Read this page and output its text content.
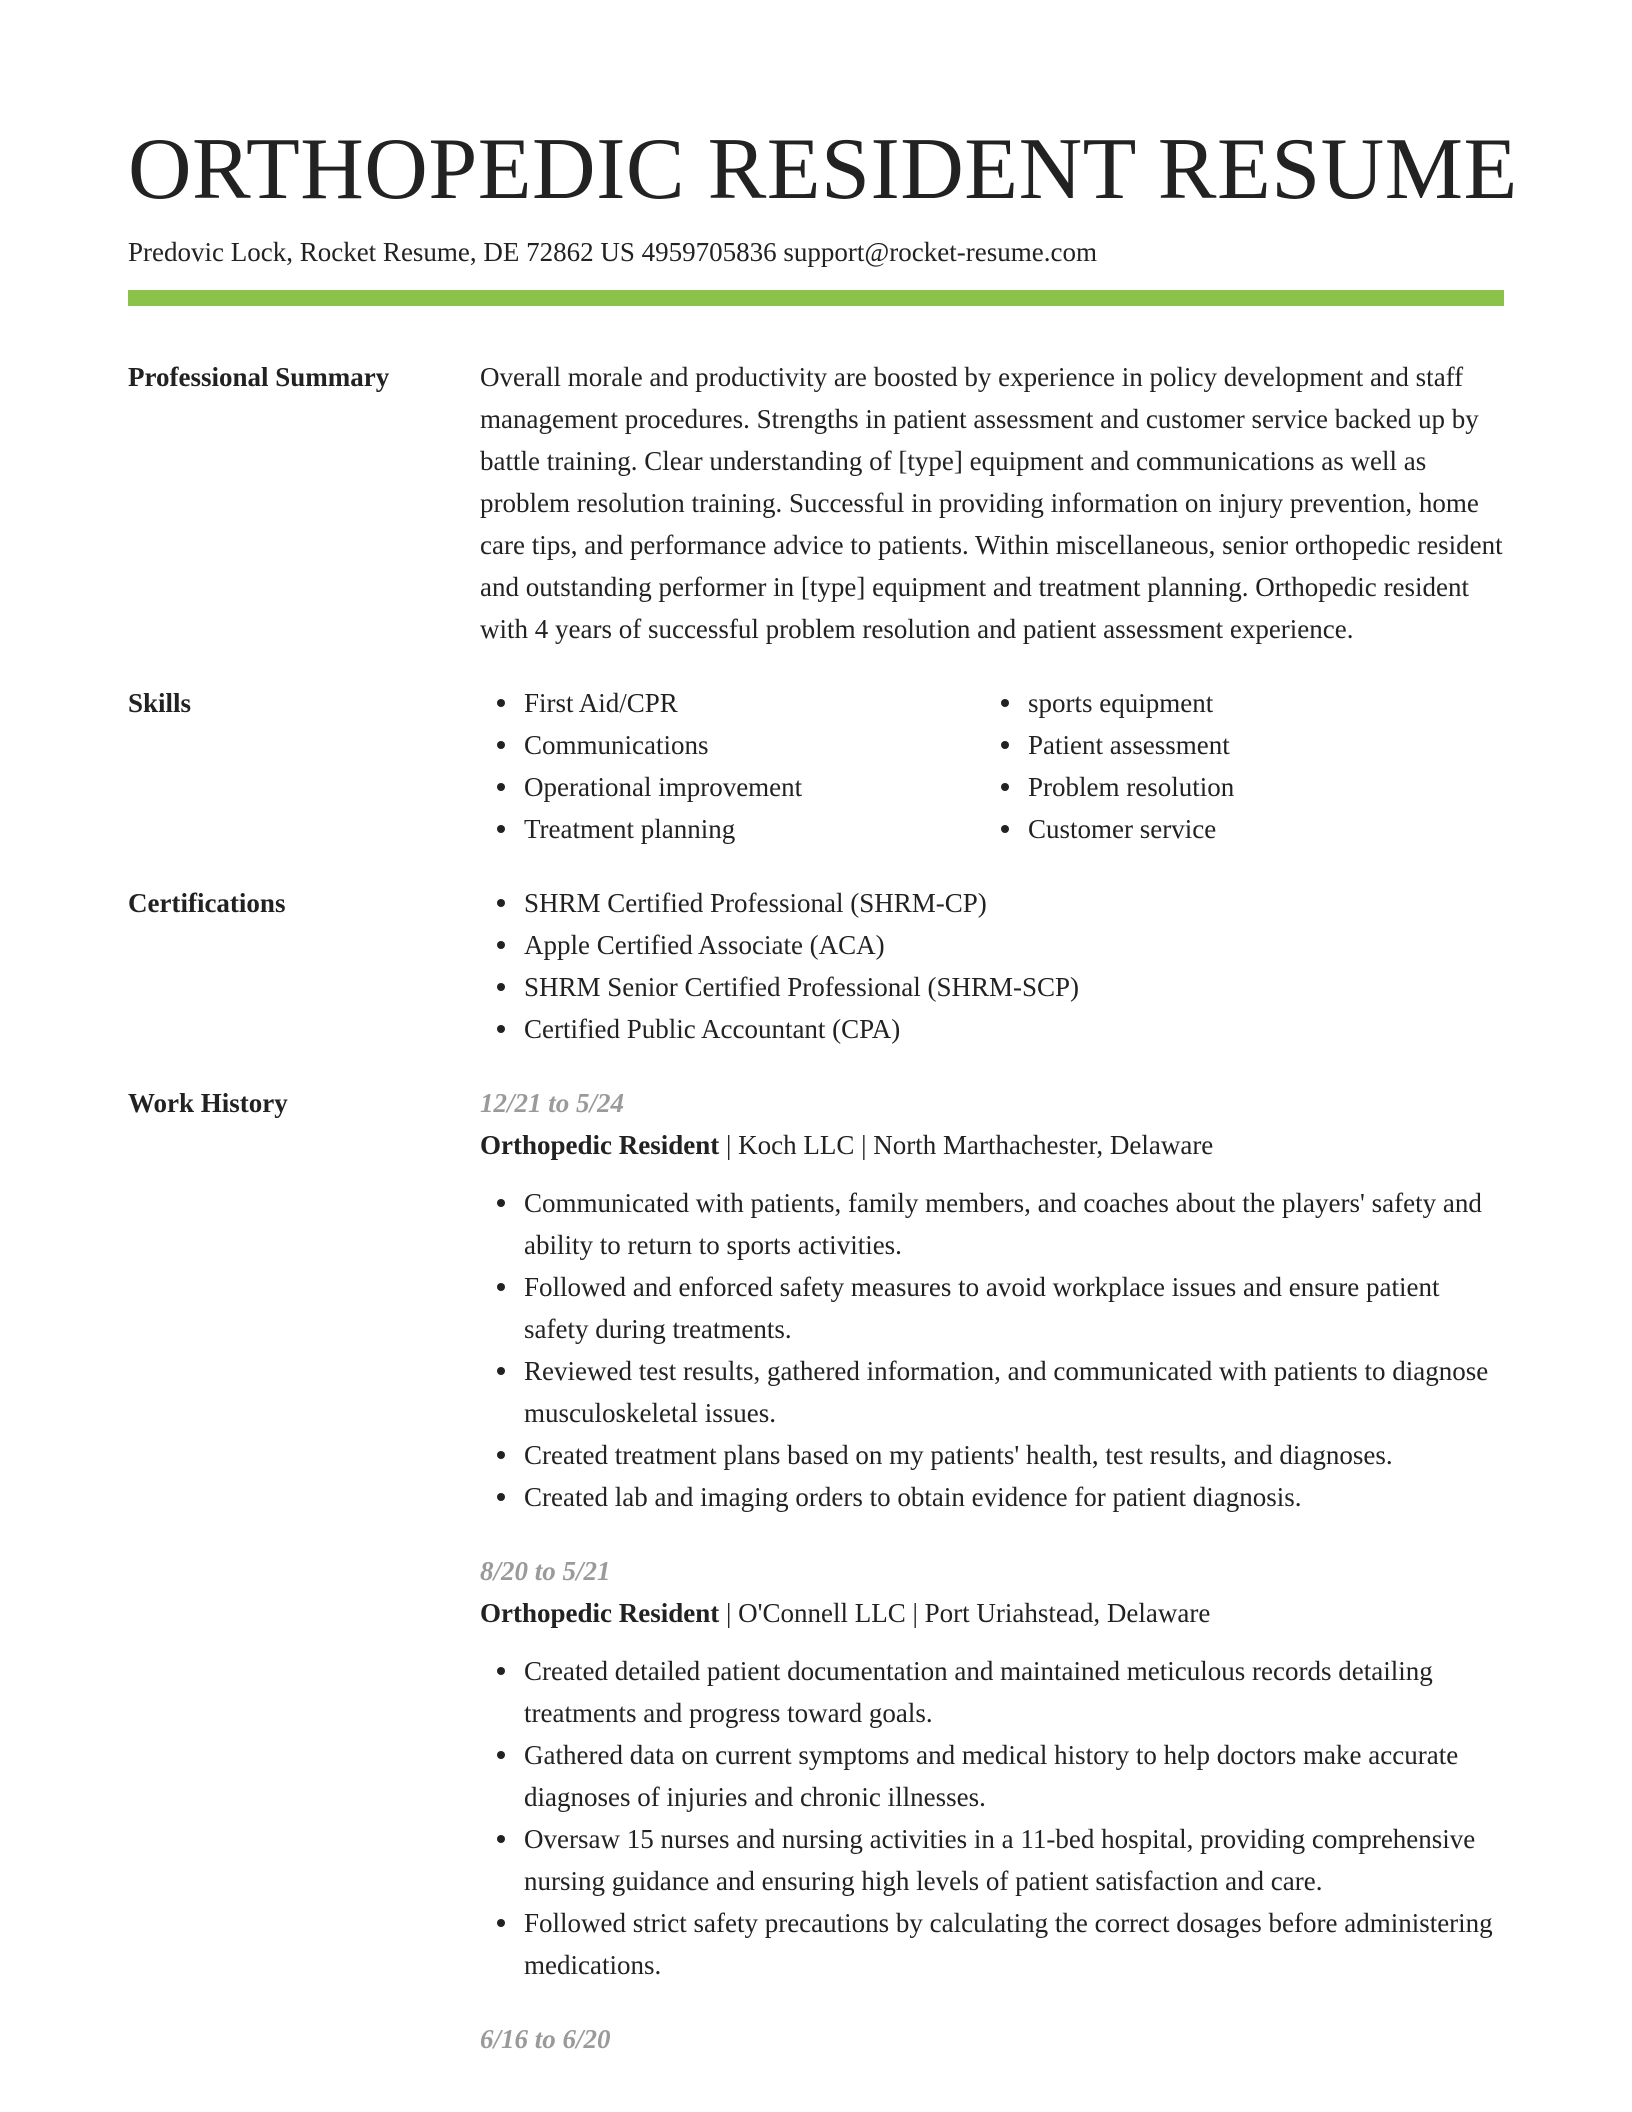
ORTHOPEDIC RESIDENT RESUME
Predovic Lock, Rocket Resume, DE 72862 US 4959705836 support@rocket-resume.com
Professional Summary	Overall morale and productivity are boosted by experience in policy development and staff management procedures. Strengths in patient assessment and customer service backed up by battle training. Clear understanding of [type] equipment and communications as well as problem resolution training. Successful in providing information on injury prevention, home care tips, and performance advice to patients. Within miscellaneous, senior orthopedic resident and outstanding performer in [type] equipment and treatment planning. Orthopedic resident with 4 years of successful problem resolution and patient assessment experience.

Skills	First Aid/CPR
Communications
Operational improvement
Treatment planning
sports equipment
Patient assessment
Problem resolution
Customer service
Certifications	SHRM Certified Professional (SHRM-CP)
Apple Certified Associate (ACA)
SHRM Senior Certified Professional (SHRM-SCP)
Certified Public Accountant (CPA)
Work History	12/21 to 5/24
Orthopedic Resident | Koch LLC | North Marthachester, Delaware
Communicated with patients, family members, and coaches about the players' safety and ability to return to sports activities.
Followed and enforced safety measures to avoid workplace issues and ensure patient safety during treatments.
Reviewed test results, gathered information, and communicated with patients to diagnose musculoskeletal issues.
Created treatment plans based on my patients' health, test results, and diagnoses.
Created lab and imaging orders to obtain evidence for patient diagnosis.
8/20 to 5/21
Orthopedic Resident | O'Connell LLC | Port Uriahstead, Delaware
Created detailed patient documentation and maintained meticulous records detailing treatments and progress toward goals.
Gathered data on current symptoms and medical history to help doctors make accurate diagnoses of injuries and chronic illnesses.
Oversaw 15 nurses and nursing activities in a 11-bed hospital, providing comprehensive nursing guidance and ensuring high levels of patient satisfaction and care.
Followed strict safety precautions by calculating the correct dosages before administering medications.
6/16 to 6/20
